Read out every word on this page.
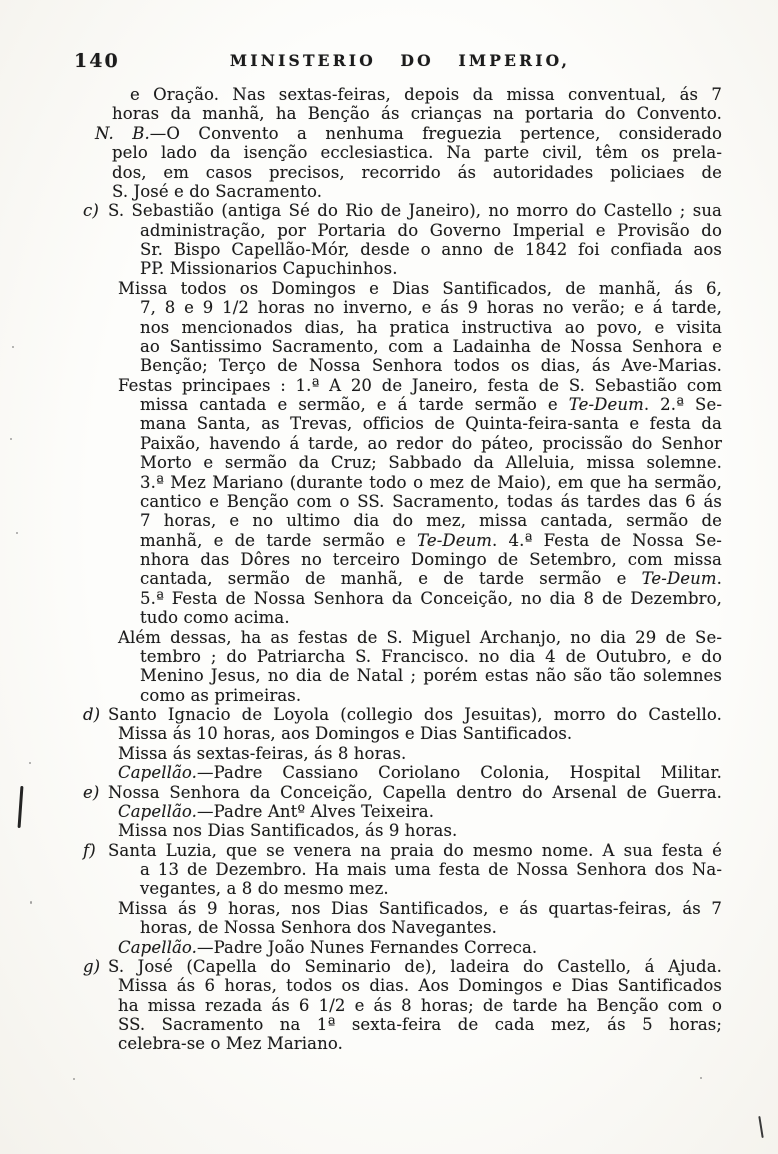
140	MINISTERIO DO IMPERIO,
e Oração. Nas sextas-feiras, depois da missa conventual, ás 7
horas da manhã, ha Benção ás crianças na portaria do Convento.
N. B.—O Convento a nenhuma freguezia pertence, considerado
pelo lado da isenção ecclesiastica. Na parte civil, têm os prela-
dos, em casos precisos, recorrido ás autoridades policiaes de
S. José e do Sacramento.
c) S. Sebastião (antiga Sé do Rio de Janeiro), no morro do Castello ; sua
administração, por Portaria do Governo Imperial e Provisão do
Sr. Bispo Capellão-Mór, desde o anno de 1842 foi confiada aos
PP. Missionarios Capuchinhos.
Missa todos os Domingos e Dias Santificados, de manhã, ás 6,
7, 8 e 9 1/2 horas no inverno, e ás 9 horas no verão; e á tarde,
nos mencionados dias, ha pratica instructiva ao povo, e visita
ao Santissimo Sacramento, com a Ladainha de Nossa Senhora e
Benção; Terço de Nossa Senhora todos os dias, ás Ave-Marias.
Festas principaes : 1.ª A 20 de Janeiro, festa de S. Sebastião com
missa cantada e sermão, e á tarde sermão e Te-Deum. 2.ª Se-
mana Santa, as Trevas, officios de Quinta-feira-santa e festa da
Paixão, havendo á tarde, ao redor do páteo, procissão do Senhor
Morto e sermão da Cruz; Sabbado da Alleluia, missa solemne.
3.ª Mez Mariano (durante todo o mez de Maio), em que ha sermão,
cantico e Benção com o SS. Sacramento, todas ás tardes das 6 ás
7 horas, e no ultimo dia do mez, missa cantada, sermão de
manhã, e de tarde sermão e Te-Deum. 4.ª Festa de Nossa Se-
nhora das Dôres no terceiro Domingo de Setembro, com missa
cantada, sermão de manhã, e de tarde sermão e Te-Deum.
5.ª Festa de Nossa Senhora da Conceição, no dia 8 de Dezembro,
tudo como acima.
Além dessas, ha as festas de S. Miguel Archanjo, no dia 29 de Se-
tembro ; do Patriarcha S. Francisco. no dia 4 de Outubro, e do
Menino Jesus, no dia de Natal ; porém estas não são tão solemnes
como as primeiras.
d) Santo Ignacio de Loyola (collegio dos Jesuitas), morro do Castello.
Missa ás 10 horas, aos Domingos e Dias Santificados.
Missa ás sextas-feiras, ás 8 horas.
Capellão.—Padre Cassiano Coriolano Colonia, Hospital Militar.
e) Nossa Senhora da Conceição, Capella dentro do Arsenal de Guerra.
Capellão.—Padre Antº Alves Teixeira.
Missa nos Dias Santificados, ás 9 horas.
f) Santa Luzia, que se venera na praia do mesmo nome. A sua festa é
a 13 de Dezembro. Ha mais uma festa de Nossa Senhora dos Na-
vegantes, a 8 do mesmo mez.
Missa ás 9 horas, nos Dias Santificados, e ás quartas-feiras, ás 7
horas, de Nossa Senhora dos Navegantes.
Capellão.—Padre João Nunes Fernandes Correca.
g) S. José (Capella do Seminario de), ladeira do Castello, á Ajuda.
Missa ás 6 horas, todos os dias. Aos Domingos e Dias Santificados
ha missa rezada ás 6 1/2 e ás 8 horas; de tarde ha Benção com o
SS. Sacramento na 1ª sexta-feira de cada mez, ás 5 horas;
celebra-se o Mez Mariano.
